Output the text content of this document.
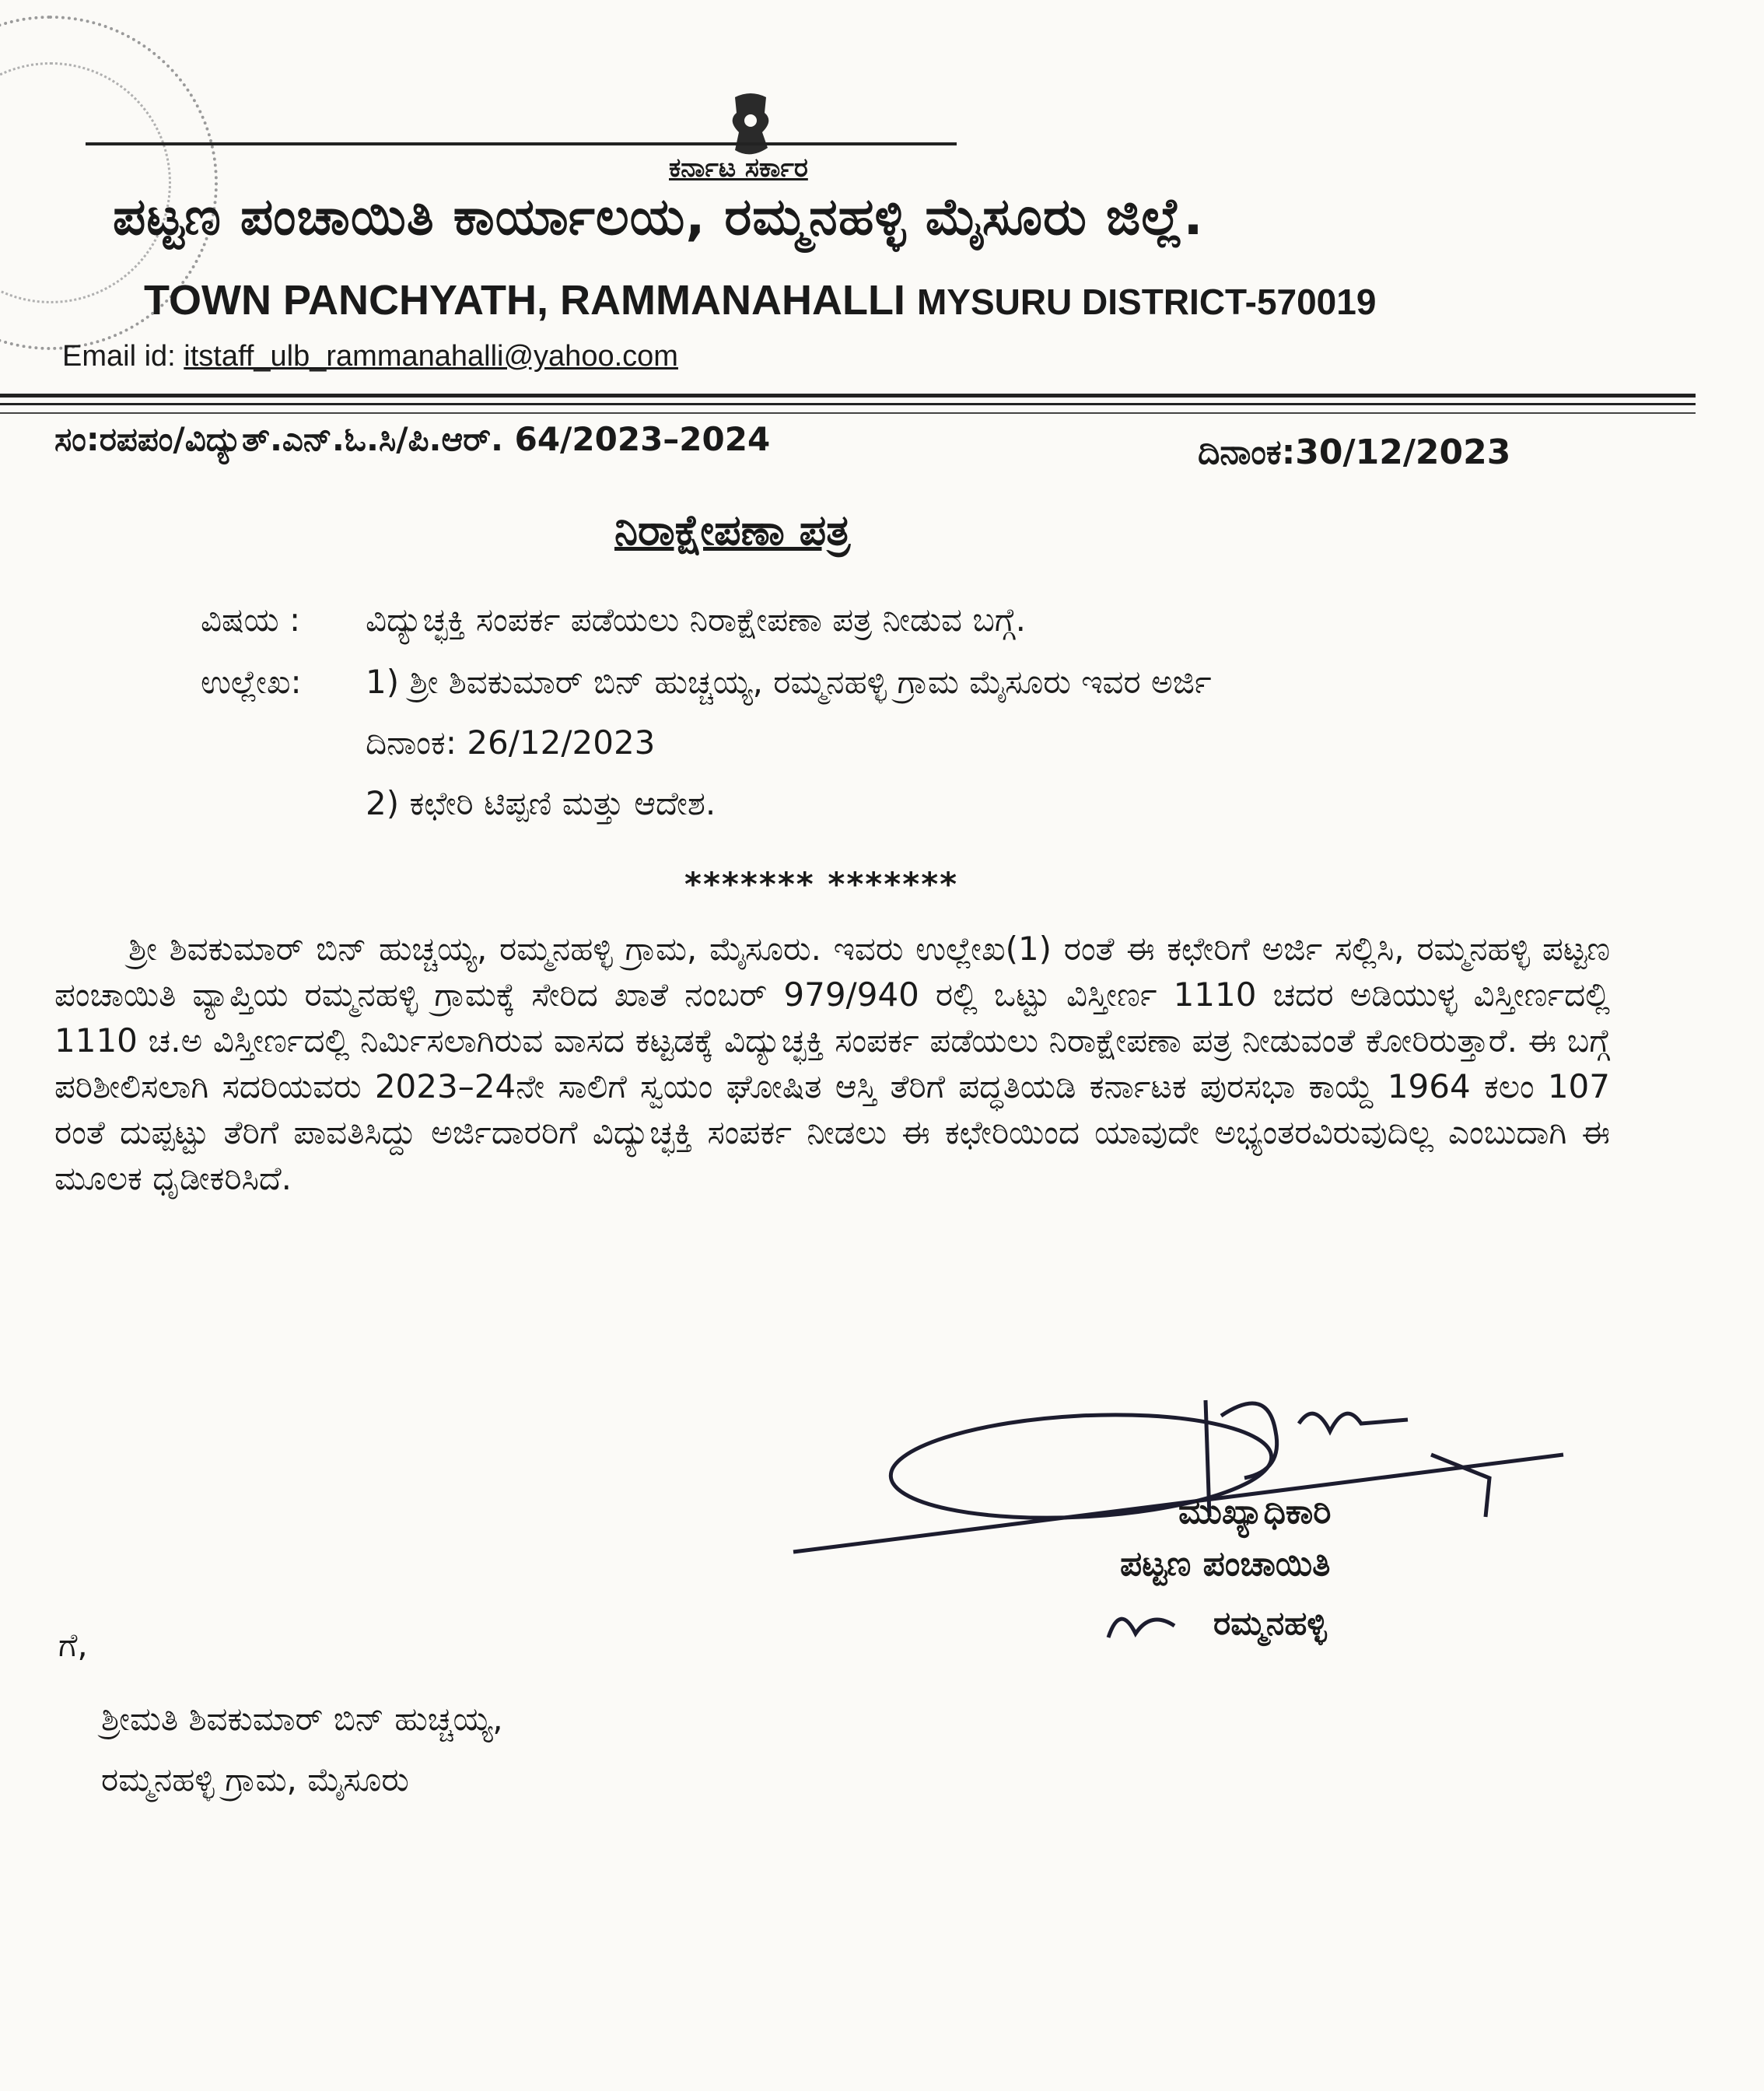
ಕರ್ನಾಟ ಸರ್ಕಾರ
ಪಟ್ಟಣ ಪಂಚಾಯಿತಿ ಕಾರ್ಯಾಲಯ, ರಮ್ಮನಹಳ್ಳಿ ಮೈಸೂರು ಜಿಲ್ಲೆ.
TOWN PANCHYATH, RAMMANAHALLI MYSURU DISTRICT-570019
Email id: itstaff_ulb_rammanahalli@yahoo.com
ಸಂ:ರಪಪಂ/ವಿದ್ಯುತ್.ಎನ್.ಓ.ಸಿ/ಪಿ.ಆರ್. 64/2023–2024	ದಿನಾಂಕ:30/12/2023
ನಿರಾಕ್ಷೇಪಣಾ ಪತ್ರ
ವಿಷಯ : ವಿದ್ಯುಚ್ಛಕ್ತಿ ಸಂಪರ್ಕ ಪಡೆಯಲು ನಿರಾಕ್ಷೇಪಣಾ ಪತ್ರ ನೀಡುವ ಬಗ್ಗೆ.
ಉಲ್ಲೇಖ: 1) ಶ್ರೀ ಶಿವಕುಮಾರ್ ಬಿನ್ ಹುಚ್ಚಯ್ಯ, ರಮ್ಮನಹಳ್ಳಿ ಗ್ರಾಮ ಮೈಸೂರು ಇವರ ಅರ್ಜಿ
ದಿನಾಂಕ: 26/12/2023
2) ಕಛೇರಿ ಟಿಪ್ಪಣಿ ಮತ್ತು ಆದೇಶ.
******* *******
ಶ್ರೀ ಶಿವಕುಮಾರ್ ಬಿನ್ ಹುಚ್ಚಯ್ಯ, ರಮ್ಮನಹಳ್ಳಿ ಗ್ರಾಮ, ಮೈಸೂರು. ಇವರು ಉಲ್ಲೇಖ(1) ರಂತೆ ಈ ಕಛೇರಿಗೆ ಅರ್ಜಿ ಸಲ್ಲಿಸಿ, ರಮ್ಮನಹಳ್ಳಿ ಪಟ್ಟಣ ಪಂಚಾಯಿತಿ ವ್ಯಾಪ್ತಿಯ ರಮ್ಮನಹಳ್ಳಿ ಗ್ರಾಮಕ್ಕೆ ಸೇರಿದ ಖಾತೆ ನಂಬರ್ 979/940 ರಲ್ಲಿ ಒಟ್ಟು ವಿಸ್ತೀರ್ಣ 1110 ಚದರ ಅಡಿಯುಳ್ಳ ವಿಸ್ತೀರ್ಣದಲ್ಲಿ 1110 ಚ.ಅ ವಿಸ್ತೀರ್ಣದಲ್ಲಿ ನಿರ್ಮಿಸಲಾಗಿರುವ ವಾಸದ ಕಟ್ಟಡಕ್ಕೆ ವಿದ್ಯುಚ್ಛಕ್ತಿ ಸಂಪರ್ಕ ಪಡೆಯಲು ನಿರಾಕ್ಷೇಪಣಾ ಪತ್ರ ನೀಡುವಂತೆ ಕೋರಿರುತ್ತಾರೆ. ಈ ಬಗ್ಗೆ ಪರಿಶೀಲಿಸಲಾಗಿ ಸದರಿಯವರು 2023–24ನೇ ಸಾಲಿಗೆ ಸ್ವಯಂ ಘೋಷಿತ ಆಸ್ತಿ ತೆರಿಗೆ ಪದ್ಧತಿಯಡಿ ಕರ್ನಾಟಕ ಪುರಸಭಾ ಕಾಯ್ದೆ 1964 ಕಲಂ 107 ರಂತೆ ದುಪ್ಪಟ್ಟು ತೆರಿಗೆ ಪಾವತಿಸಿದ್ದು ಅರ್ಜಿದಾರರಿಗೆ ವಿದ್ಯುಚ್ಛಕ್ತಿ ಸಂಪರ್ಕ ನೀಡಲು ಈ ಕಛೇರಿಯಿಂದ ಯಾವುದೇ ಅಭ್ಯಂತರವಿರುವುದಿಲ್ಲ ಎಂಬುದಾಗಿ ಈ ಮೂಲಕ ಧೃಡೀಕರಿಸಿದೆ.
ಮುಖ್ಯಾಧಿಕಾರಿ
ಪಟ್ಟಣ ಪಂಚಾಯಿತಿ
ರಮ್ಮನಹಳ್ಳಿ
ಗೆ,
ಶ್ರೀಮತಿ ಶಿವಕುಮಾರ್ ಬಿನ್ ಹುಚ್ಚಯ್ಯ,
ರಮ್ಮನಹಳ್ಳಿ ಗ್ರಾಮ, ಮೈಸೂರು
